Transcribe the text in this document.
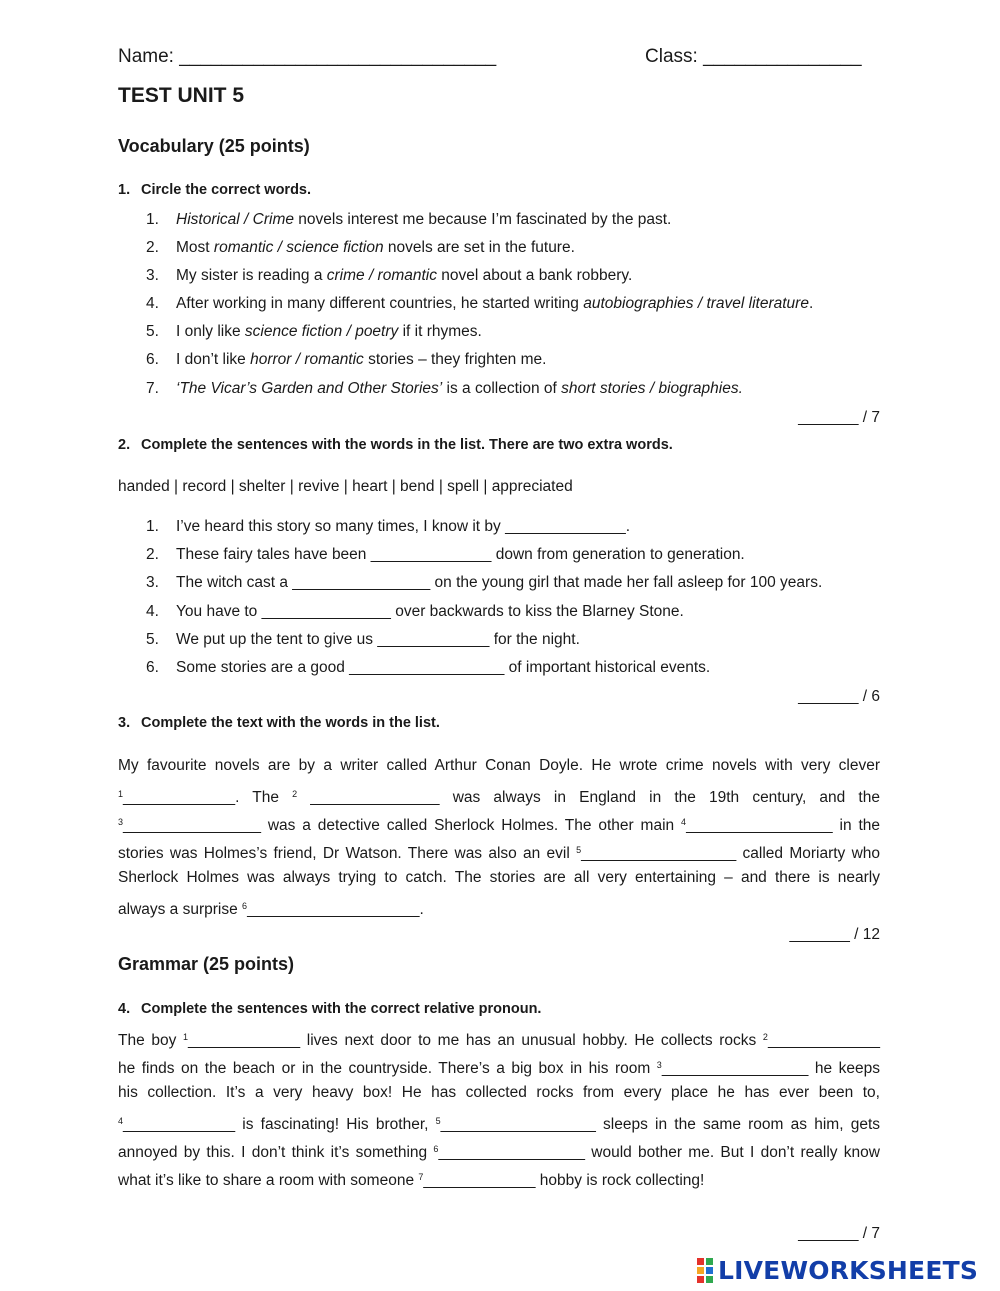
Name: ______________________________	Class: _______________
TEST UNIT 5
Vocabulary (25 points)
1. Circle the correct words.
1. Historical / Crime novels interest me because I’m fascinated by the past.
2. Most romantic / science fiction novels are set in the future.
3. My sister is reading a crime / romantic novel about a bank robbery.
4. After working in many different countries, he started writing autobiographies / travel literature.
5. I only like science fiction / poetry if it rhymes.
6. I don’t like horror / romantic stories – they frighten me.
7. ‘The Vicar’s Garden and Other Stories’ is a collection of short stories / biographies.
_______ / 7
2. Complete the sentences with the words in the list. There are two extra words.
handed | record | shelter | revive | heart | bend | spell | appreciated
1. I’ve heard this story so many times, I know it by ______________.
2. These fairy tales have been ______________ down from generation to generation.
3. The witch cast a ________________ on the young girl that made her fall asleep for 100 years.
4. You have to _______________ over backwards to kiss the Blarney Stone.
5. We put up the tent to give us _____________ for the night.
6. Some stories are a good __________________ of important historical events.
_______ / 6
3. Complete the text with the words in the list.
My favourite novels are by a writer called Arthur Conan Doyle. He wrote crime novels with very clever
$^1$_____________. The $^2$ _______________ was always in England in the 19th century, and the
$^3$________________ was a detective called Sherlock Holmes. The other main $^4$_________________ in the
stories was Holmes’s friend, Dr Watson. There was also an evil $^5$__________________ called Moriarty who
Sherlock Holmes was always trying to catch. The stories are all very entertaining – and there is nearly
always a surprise $^6$____________________.
_______ / 12
Grammar (25 points)
4. Complete the sentences with the correct relative pronoun.
The boy $^1$_____________ lives next door to me has an unusual hobby. He collects rocks $^2$_____________
he finds on the beach or in the countryside. There’s a big box in his room $^3$_________________ he keeps
his collection. It’s a very heavy box! He has collected rocks from every place he has ever been to,
$^4$_____________ is fascinating! His brother, $^5$__________________ sleeps in the same room as him, gets
annoyed by this. I don’t think it’s something $^6$_________________ would bother me. But I don’t really know
what it’s like to share a room with someone $^7$_____________ hobby is rock collecting!
_______ / 7
LIVEWORKSHEETS
